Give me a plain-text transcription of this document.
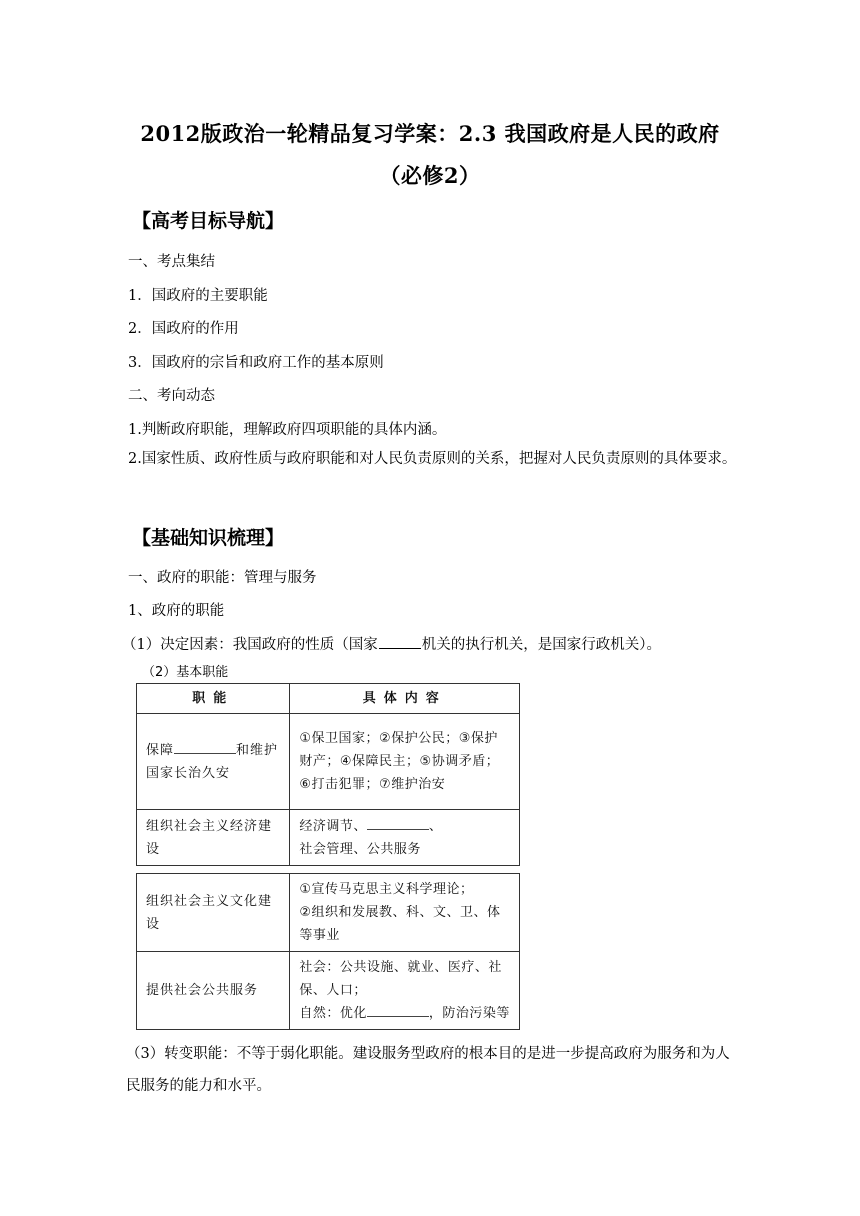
2012版政治一轮精品复习学案：2.3 我国政府是人民的政府
（必修2）
【高考目标导航】
一、考点集结
1．国政府的主要职能
2．国政府的作用
3．国政府的宗旨和政府工作的基本原则
二、考向动态
1.判断政府职能，理解政府四项职能的具体内涵。
2.国家性质、政府性质与政府职能和对人民负责原则的关系，把握对人民负责原则的具体要求。
【基础知识梳理】
一、政府的职能：管理与服务
1、政府的职能
（1）决定因素：我国政府的性质（国家	机关的执行机关，是国家行政机关）。
（2）基本职能
职能	具体内容
保障 和维护国家长治久安	①保卫国家；②保护公民；③保护财产；④保障民主；⑤协调矛盾；⑥打击犯罪；⑦维护治安
组织社会主义经济建设	经济调节、 、
社会管理、公共服务
组织社会主义文化建设	①宣传马克思主义科学理论；
②组织和发展教、科、文、卫、体等事业
提供社会公共服务	社会：公共设施、就业、医疗、社保、人口；
自然：优化 ，防治污染等
（3）转变职能：不等于弱化职能。建设服务型政府的根本目的是进一步提高政府为服务和为人民服务的能力和水平。
